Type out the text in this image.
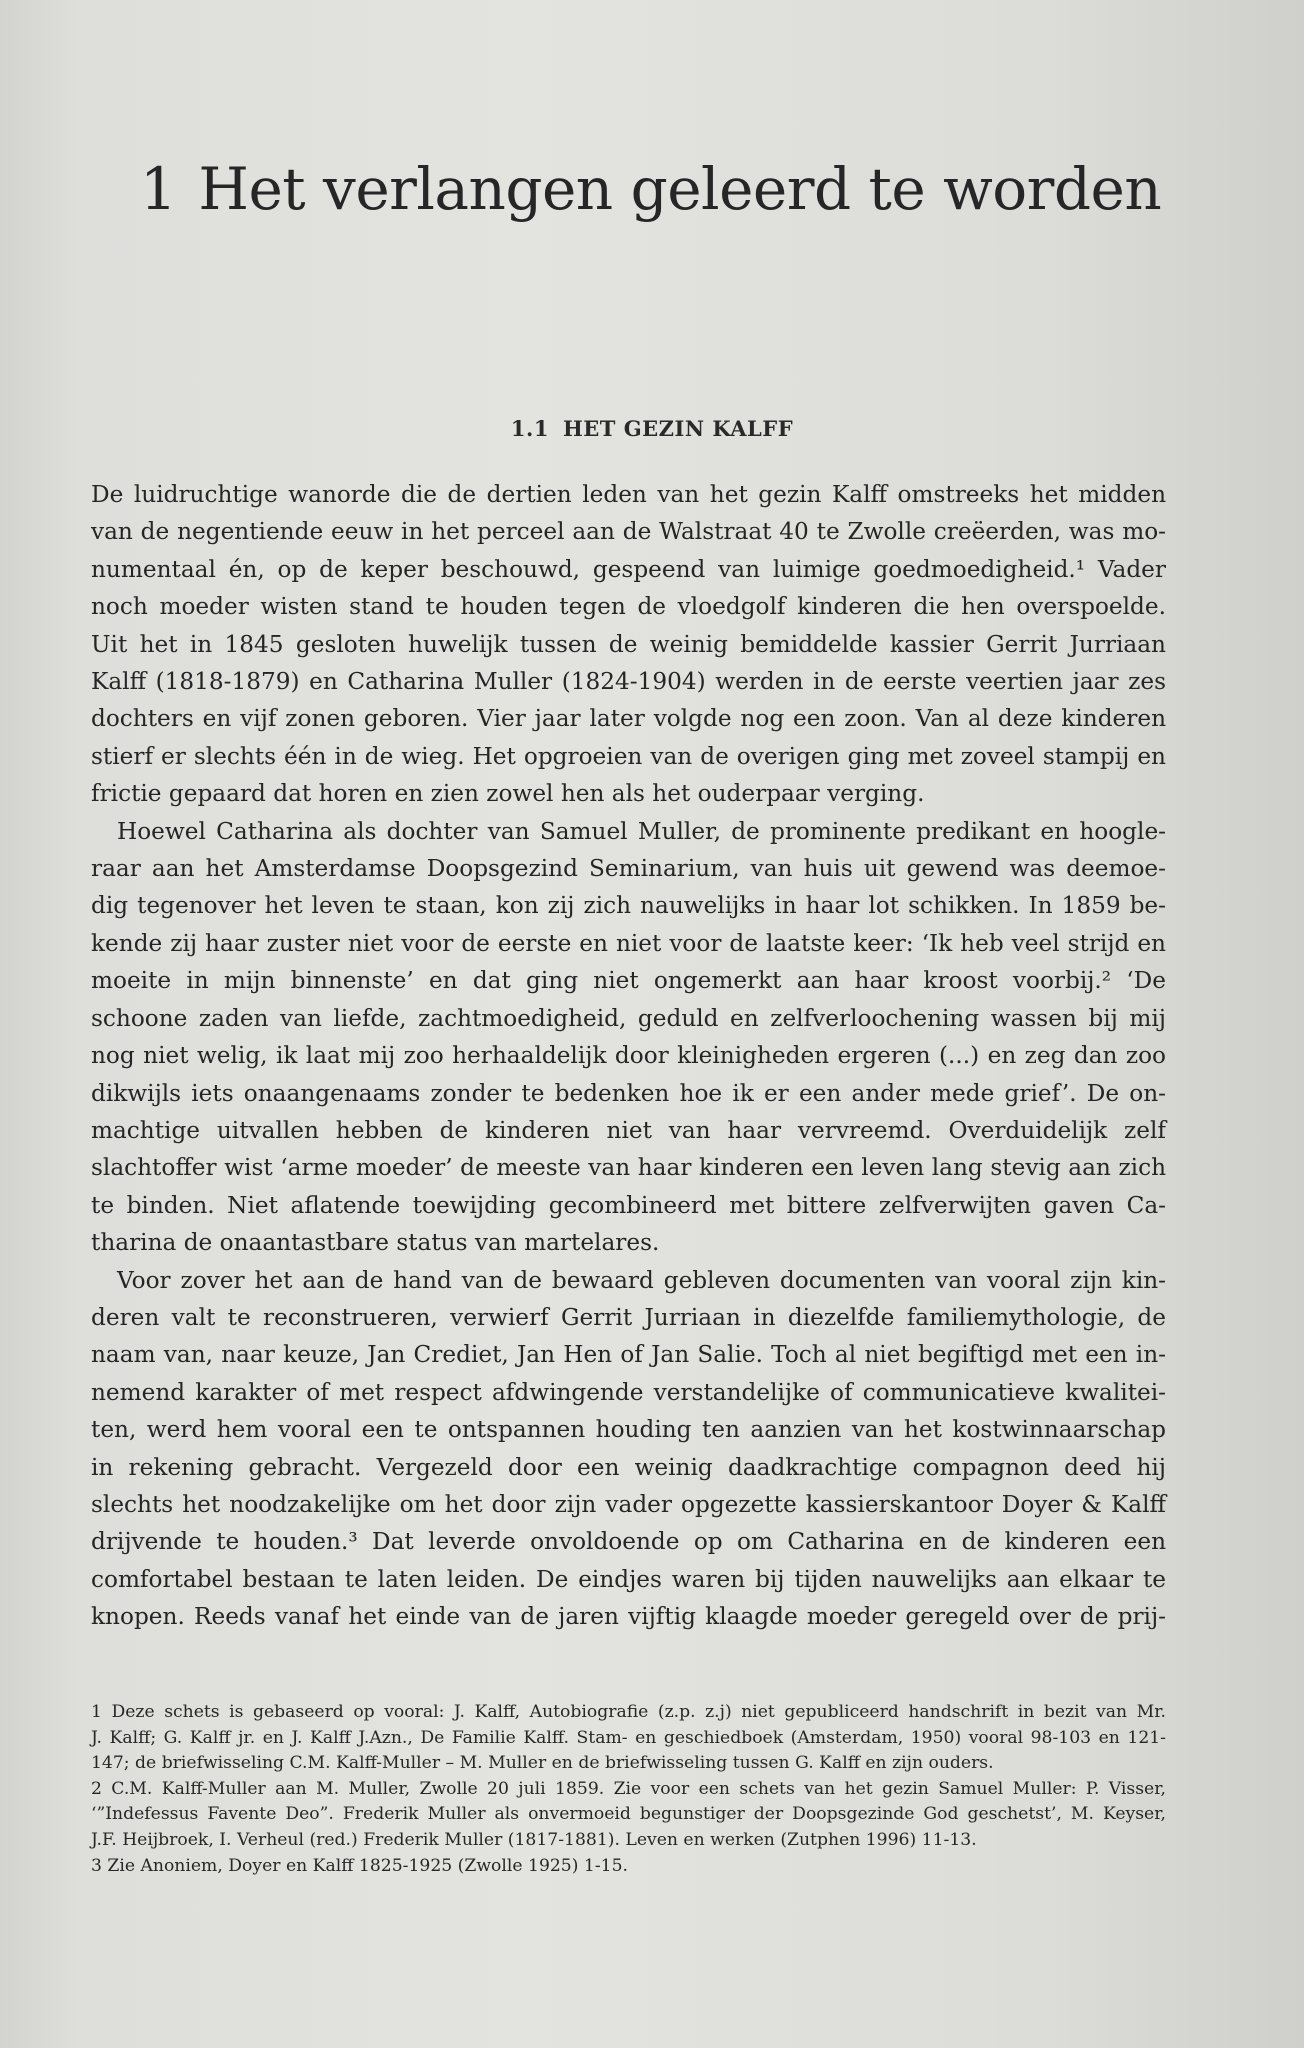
1 Het verlangen geleerd te worden
1.1 HET GEZIN KALFF
De luidruchtige wanorde die de dertien leden van het gezin Kalff omstreeks het midden
van de negentiende eeuw in het perceel aan de Walstraat 40 te Zwolle creëerden, was mo-
numentaal én, op de keper beschouwd, gespeend van luimige goedmoedigheid.¹ Vader
noch moeder wisten stand te houden tegen de vloedgolf kinderen die hen overspoelde.
Uit het in 1845 gesloten huwelijk tussen de weinig bemiddelde kassier Gerrit Jurriaan
Kalff (1818-1879) en Catharina Muller (1824-1904) werden in de eerste veertien jaar zes
dochters en vijf zonen geboren. Vier jaar later volgde nog een zoon. Van al deze kinderen
stierf er slechts één in de wieg. Het opgroeien van de overigen ging met zoveel stampij en
frictie gepaard dat horen en zien zowel hen als het ouderpaar verging.
Hoewel Catharina als dochter van Samuel Muller, de prominente predikant en hoogle-
raar aan het Amsterdamse Doopsgezind Seminarium, van huis uit gewend was deemoe-
dig tegenover het leven te staan, kon zij zich nauwelijks in haar lot schikken. In 1859 be-
kende zij haar zuster niet voor de eerste en niet voor de laatste keer: ‘Ik heb veel strijd en
moeite in mijn binnenste’ en dat ging niet ongemerkt aan haar kroost voorbij.² ‘De
schoone zaden van liefde, zachtmoedigheid, geduld en zelfverloochening wassen bij mij
nog niet welig, ik laat mij zoo herhaaldelijk door kleinigheden ergeren (...) en zeg dan zoo
dikwijls iets onaangenaams zonder te bedenken hoe ik er een ander mede grief’. De on-
machtige uitvallen hebben de kinderen niet van haar vervreemd. Overduidelijk zelf
slachtoffer wist ‘arme moeder’ de meeste van haar kinderen een leven lang stevig aan zich
te binden. Niet aflatende toewijding gecombineerd met bittere zelfverwijten gaven Ca-
tharina de onaantastbare status van martelares.
Voor zover het aan de hand van de bewaard gebleven documenten van vooral zijn kin-
deren valt te reconstrueren, verwierf Gerrit Jurriaan in diezelfde familiemythologie, de
naam van, naar keuze, Jan Crediet, Jan Hen of Jan Salie. Toch al niet begiftigd met een in-
nemend karakter of met respect afdwingende verstandelijke of communicatieve kwalitei-
ten, werd hem vooral een te ontspannen houding ten aanzien van het kostwinnaarschap
in rekening gebracht. Vergezeld door een weinig daadkrachtige compagnon deed hij
slechts het noodzakelijke om het door zijn vader opgezette kassierskantoor Doyer & Kalff
drijvende te houden.³ Dat leverde onvoldoende op om Catharina en de kinderen een
comfortabel bestaan te laten leiden. De eindjes waren bij tijden nauwelijks aan elkaar te
knopen. Reeds vanaf het einde van de jaren vijftig klaagde moeder geregeld over de prij-
1 Deze schets is gebaseerd op vooral: J. Kalff, Autobiografie (z.p. z.j) niet gepubliceerd handschrift in bezit van Mr.
J. Kalff; G. Kalff jr. en J. Kalff J.Azn., De Familie Kalff. Stam- en geschiedboek (Amsterdam, 1950) vooral 98-103 en 121-
147; de briefwisseling C.M. Kalff-Muller – M. Muller en de briefwisseling tussen G. Kalff en zijn ouders.
2 C.M. Kalff-Muller aan M. Muller, Zwolle 20 juli 1859. Zie voor een schets van het gezin Samuel Muller: P. Visser,
‘”Indefessus Favente Deo”. Frederik Muller als onvermoeid begunstiger der Doopsgezinde God geschetst’, M. Keyser,
J.F. Heijbroek, I. Verheul (red.) Frederik Muller (1817-1881). Leven en werken (Zutphen 1996) 11-13.
3 Zie Anoniem, Doyer en Kalff 1825-1925 (Zwolle 1925) 1-15.
